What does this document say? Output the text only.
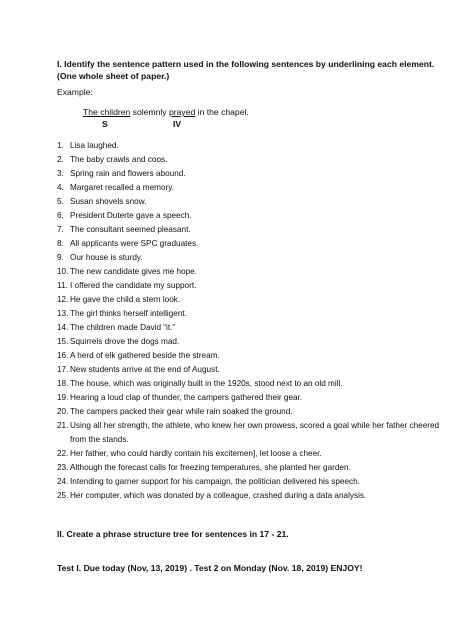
I. Identify the sentence pattern used in the following sentences by underlining each element. (One whole sheet of paper.)
Example:
The children solemnly prayed in the chapel.
S	IV
1. Lisa laughed.
2. The baby crawls and coos.
3. Spring rain and flowers abound.
4. Margaret recalled a memory.
5. Susan shovels snow.
6. President Duterte gave a speech.
7. The consultant seemed pleasant.
8. All applicants were SPC graduates.
9. Our house is sturdy.
10. The new candidate gives me hope.
11. I offered the candidate my support.
12. He gave the child a stern look.
13. The girl thinks herself intelligent.
14. The children made David “it.”
15. Squirrels drove the dogs mad.
16. A herd of elk gathered beside the stream.
17. New students arrive at the end of August.
18. The house, which was originally built in the 1920s, stood next to an old mill.
19. Hearing a loud clap of thunder, the campers gathered their gear.
20. The campers packed their gear while rain soaked the ground.
21. Using all her strength, the athlete, who knew her own prowess, scored a goal while her father cheered from the stands.
22. Her father, who could hardly contain his excitemen], let loose a cheer.
23. Although the forecast calls for freezing temperatures, she planted her garden.
24. Intending to garner support for his campaign, the politician delivered his speech.
25. Her computer, which was donated by a colleague, crashed during a data analysis.
II. Create a phrase structure tree for sentences in 17 - 21.
Test I. Due today (Nov, 13, 2019) . Test 2 on Monday (Nov. 18, 2019) ENJOY!
